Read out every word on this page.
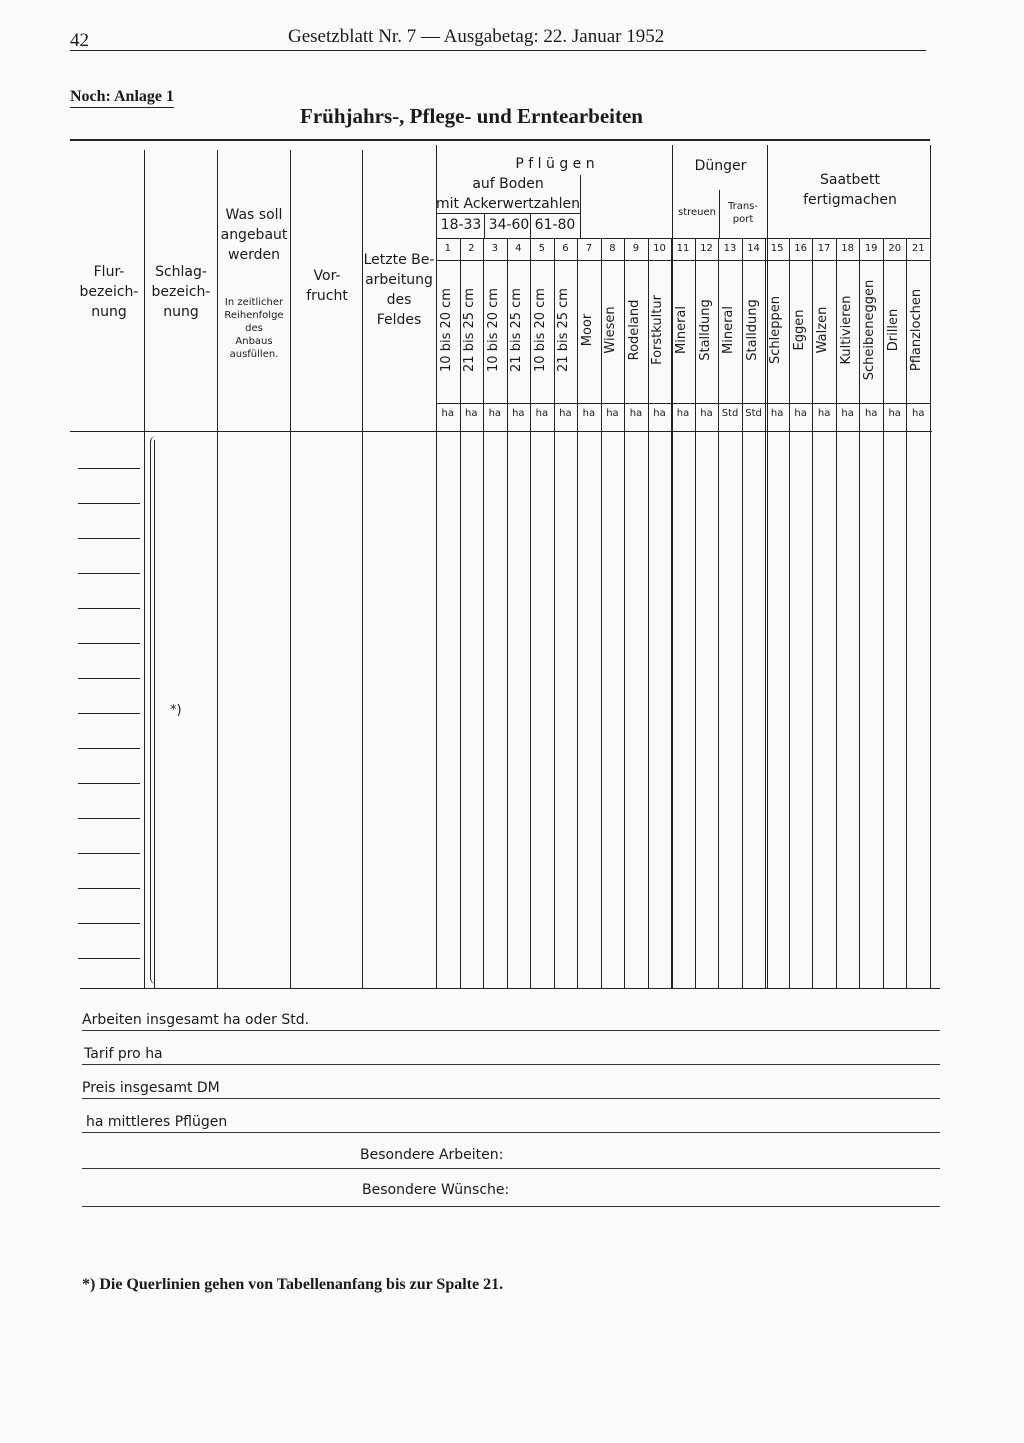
42	Gesetzblatt Nr. 7 — Ausgabetag: 22. Januar 1952
Noch: Anlage 1
Frühjahrs-, Pflege- und Erntearbeiten
Flur-
bezeich-
nung
Schlag-
bezeich-
nung
Was soll
angebaut
werden
In zeitlicher
Reihenfolge
des
Anbaus
ausfüllen.
Vor-
frucht
Letzte Be-
arbeitung
des
Feldes
P f l ü g e n
auf Boden
mit Ackerwertzahlen
18-33 34-60 61-80
Dünger
streuen
Trans-
port
Saatbett
fertigmachen
1
10 bis 20 cm
ha
2
21 bis 25 cm
ha
3
10 bis 20 cm
ha
4
21 bis 25 cm
ha
5
10 bis 20 cm
ha
6
21 bis 25 cm
ha
7
Moor
ha
8
Wiesen
ha
9
Rodeland
ha
10
Forstkultur
ha
11
Mineral
ha
12
Stalldung
ha
13
Mineral
Std
14
Stalldung
Std
15
Schleppen
ha
16
Eggen
ha
17
Walzen
ha
18
Kultivieren
ha
19
Scheibeneggen
ha
20
Drillen
ha
21
Pflanzlochen
ha
*)
Arbeiten insgesamt ha oder Std.
Tarif pro ha
Preis insgesamt DM
ha mittleres Pflügen
Besondere Arbeiten:
Besondere Wünsche:
*) Die Querlinien gehen von Tabellenanfang bis zur Spalte 21.
